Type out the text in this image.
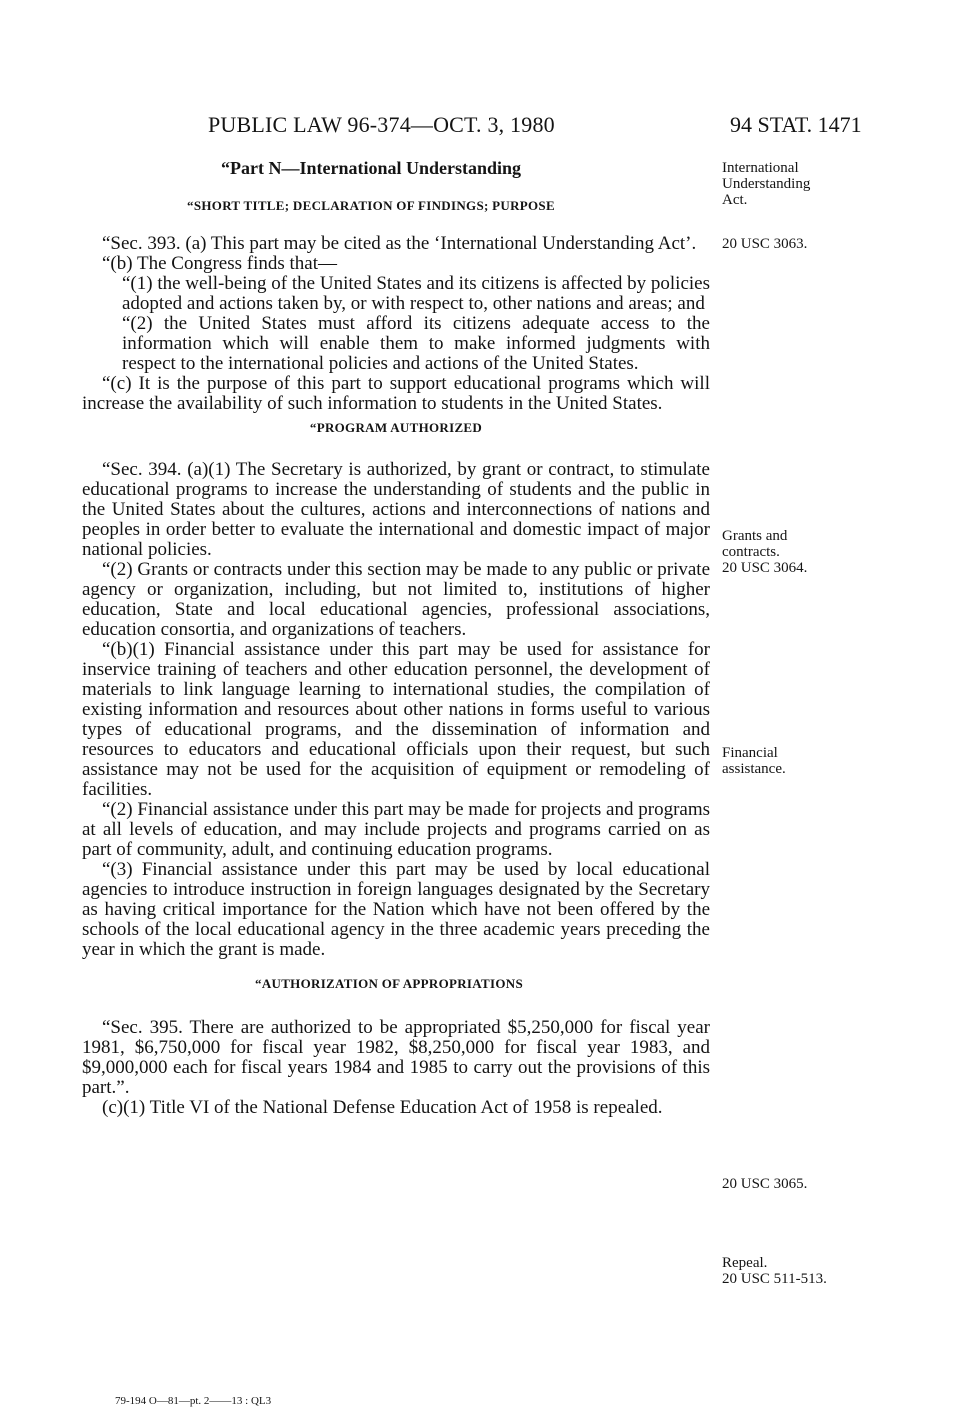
PUBLIC LAW 96-374—OCT. 3, 1980	94 STAT. 1471

“Part N—International Understanding

“SHORT TITLE; DECLARATION OF FINDINGS; PURPOSE

“Sec. 393. (a) This part may be cited as the ‘International Understanding Act’.

“(b) The Congress finds that—

“(1) the well-being of the United States and its citizens is affected by policies adopted and actions taken by, or with respect to, other nations and areas; and

“(2) the United States must afford its citizens adequate access to the information which will enable them to make informed judgments with respect to the international policies and actions of the United States.

“(c) It is the purpose of this part to support educational programs which will increase the availability of such information to students in the United States.

“PROGRAM AUTHORIZED

“Sec. 394. (a)(1) The Secretary is authorized, by grant or contract, to stimulate educational programs to increase the understanding of students and the public in the United States about the cultures, actions and interconnections of nations and peoples in order better to evaluate the international and domestic impact of major national policies.

“(2) Grants or contracts under this section may be made to any public or private agency or organization, including, but not limited to, institutions of higher education, State and local educational agencies, professional associations, education consortia, and organizations of teachers.

“(b)(1) Financial assistance under this part may be used for assistance for inservice training of teachers and other education personnel, the development of materials to link language learning to international studies, the compilation of existing information and resources about other nations in forms useful to various types of educational programs, and the dissemination of information and resources to educators and educational officials upon their request, but such assistance may not be used for the acquisition of equipment or remodeling of facilities.

“(2) Financial assistance under this part may be made for projects and programs at all levels of education, and may include projects and programs carried on as part of community, adult, and continuing education programs.

“(3) Financial assistance under this part may be used by local educational agencies to introduce instruction in foreign languages designated by the Secretary as having critical importance for the Nation which have not been offered by the schools of the local educational agency in the three academic years preceding the year in which the grant is made.

“AUTHORIZATION OF APPROPRIATIONS

“Sec. 395. There are authorized to be appropriated $5,250,000 for fiscal year 1981, $6,750,000 for fiscal year 1982, $8,250,000 for fiscal year 1983, and $9,000,000 each for fiscal years 1984 and 1985 to carry out the provisions of this part.”.

(c)(1) Title VI of the National Defense Education Act of 1958 is repealed.

International
Understanding
Act.
20 USC 3063.
Grants and
contracts.
20 USC 3064.
Financial
assistance.
20 USC 3065.
Repeal.
20 USC 511-513.
79-194 O—81—pt. 2——13 : QL3
